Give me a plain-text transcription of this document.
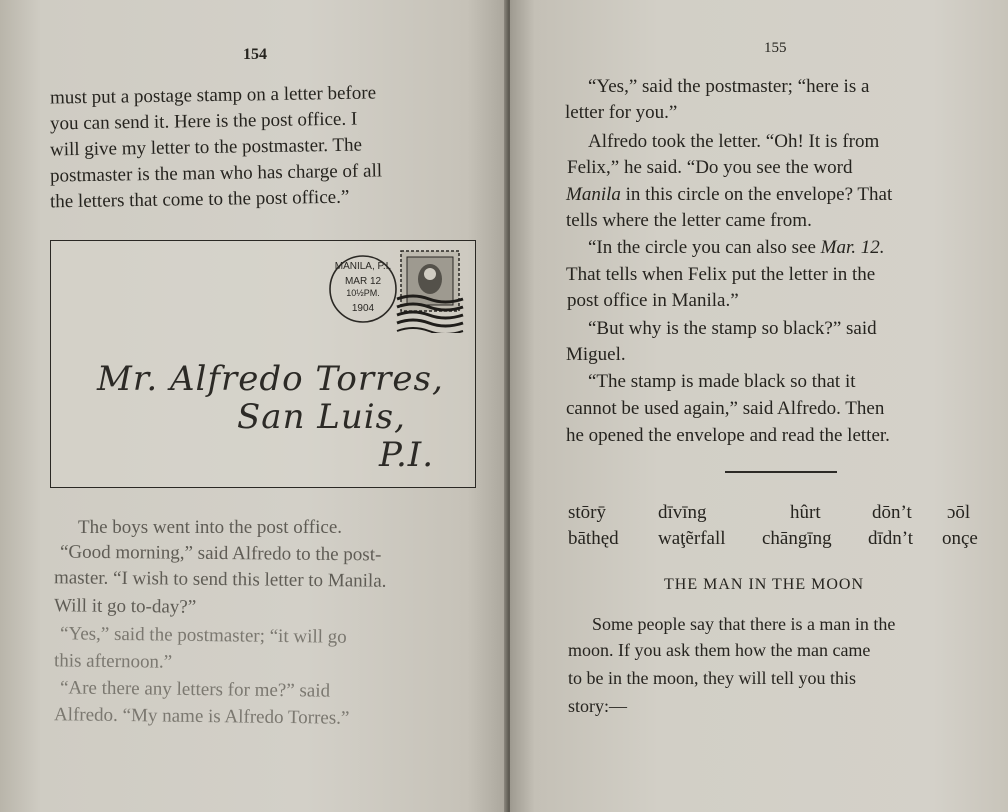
154
must put a postage stamp on a letter before
you can send it. Here is the post office. I
will give my letter to the postmaster. The
postmaster is the man who has charge of all
the letters that come to the post office.”
MANILA, P.I.
MAR 12
10½PM.
1904
Mr. Alfredo Torres,
San Luis,
P.I.
The boys went into the post office.
“Good morning,” said Alfredo to the post-
master. “I wish to send this letter to Manila.
Will it go to-day?”
“Yes,” said the postmaster; “it will go
this afternoon.”
“Are there any letters for me?” said
Alfredo. “My name is Alfredo Torres.”
155
“Yes,” said the postmaster; “here is a
letter for you.”
Alfredo took the letter. “Oh! It is from
Felix,” he said. “Do you see the word
Manila in this circle on the envelope? That
tells where the letter came from.
“In the circle you can also see Mar. 12.
That tells when Felix put the letter in the
post office in Manila.”
“But why is the stamp so black?” said
Miguel.
“The stamp is made black so that it
cannot be used again,” said Alfredo. Then
he opened the envelope and read the letter.
stōrȳ	dīvīng	hûrt	dōn’t ɔōl
bāthęd waţẽrfall chāngīng dīdn’t onçe
THE MAN IN THE MOON
Some people say that there is a man in the
moon. If you ask them how the man came
to be in the moon, they will tell you this
story:—
